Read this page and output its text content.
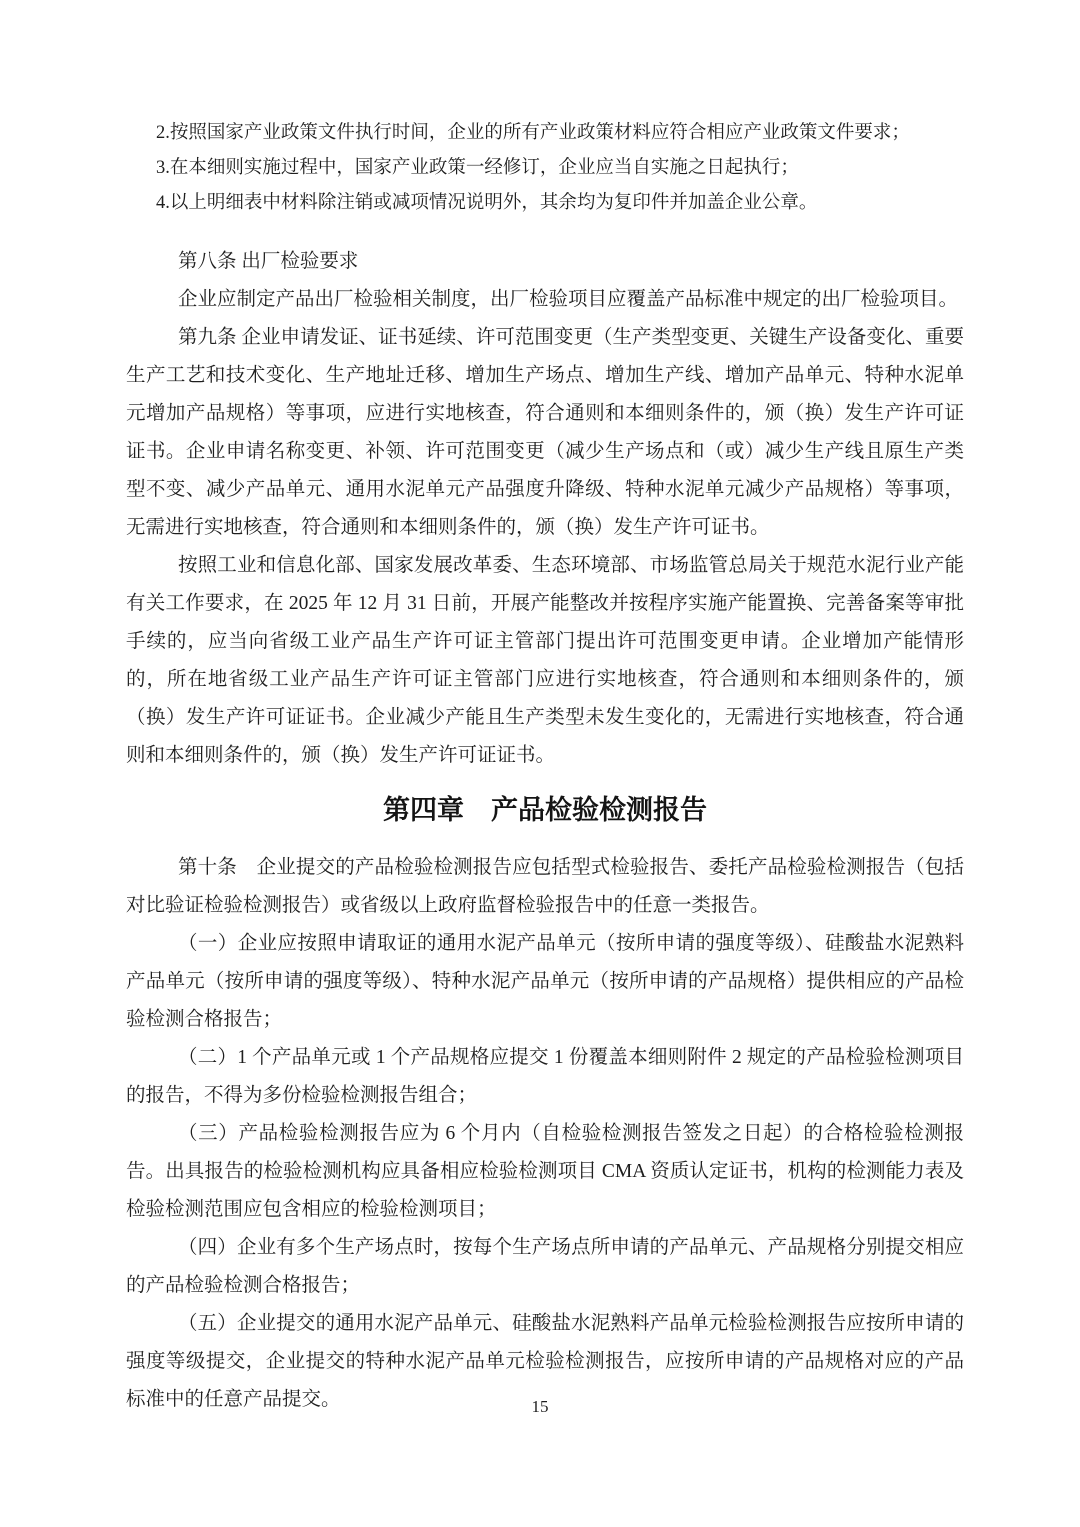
2.按照国家产业政策文件执行时间，企业的所有产业政策材料应符合相应产业政策文件要求；

3.在本细则实施过程中，国家产业政策一经修订，企业应当自实施之日起执行；

4.以上明细表中材料除注销或减项情况说明外，其余均为复印件并加盖企业公章。

第八条 出厂检验要求

企业应制定产品出厂检验相关制度，出厂检验项目应覆盖产品标准中规定的出厂检验项目。

第九条 企业申请发证、证书延续、许可范围变更（生产类型变更、关键生产设备变化、重要生产工艺和技术变化、生产地址迁移、增加生产场点、增加生产线、增加产品单元、特种水泥单元增加产品规格）等事项，应进行实地核查，符合通则和本细则条件的，颁（换）发生产许可证证书。企业申请名称变更、补领、许可范围变更（减少生产场点和（或）减少生产线且原生产类型不变、减少产品单元、通用水泥单元产品强度升降级、特种水泥单元减少产品规格）等事项，无需进行实地核查，符合通则和本细则条件的，颁（换）发生产许可证书。

按照工业和信息化部、国家发展改革委、生态环境部、市场监管总局关于规范水泥行业产能有关工作要求，在 2025 年 12 月 31 日前，开展产能整改并按程序实施产能置换、完善备案等审批手续的，应当向省级工业产品生产许可证主管部门提出许可范围变更申请。企业增加产能情形的，所在地省级工业产品生产许可证主管部门应进行实地核查，符合通则和本细则条件的，颁（换）发生产许可证证书。企业减少产能且生产类型未发生变化的，无需进行实地核查，符合通则和本细则条件的，颁（换）发生产许可证证书。

第四章　产品检验检测报告

第十条　企业提交的产品检验检测报告应包括型式检验报告、委托产品检验检测报告（包括对比验证检验检测报告）或省级以上政府监督检验报告中的任意一类报告。

（一）企业应按照申请取证的通用水泥产品单元（按所申请的强度等级）、硅酸盐水泥熟料产品单元（按所申请的强度等级）、特种水泥产品单元（按所申请的产品规格）提供相应的产品检验检测合格报告；

（二）1 个产品单元或 1 个产品规格应提交 1 份覆盖本细则附件 2 规定的产品检验检测项目的报告，不得为多份检验检测报告组合；

（三）产品检验检测报告应为 6 个月内（自检验检测报告签发之日起）的合格检验检测报告。出具报告的检验检测机构应具备相应检验检测项目 CMA 资质认定证书，机构的检测能力表及检验检测范围应包含相应的检验检测项目；

（四）企业有多个生产场点时，按每个生产场点所申请的产品单元、产品规格分别提交相应的产品检验检测合格报告；

（五）企业提交的通用水泥产品单元、硅酸盐水泥熟料产品单元检验检测报告应按所申请的强度等级提交，企业提交的特种水泥产品单元检验检测报告，应按所申请的产品规格对应的产品标准中的任意产品提交。	15
